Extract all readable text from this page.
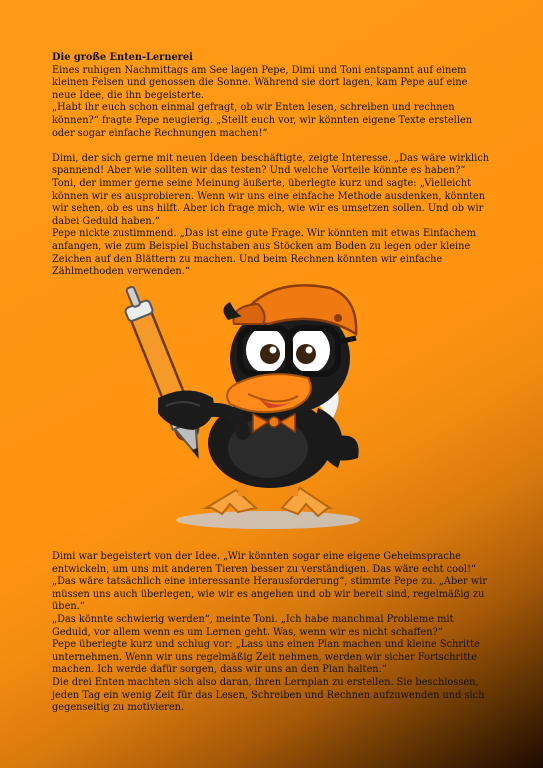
Die große Enten-Lernerei

Eines ruhigen Nachmittags am See lagen Pepe, Dimi und Toni entspannt auf einem kleinen Felsen und genossen die Sonne. Während sie dort lagen, kam Pepe auf eine neue Idee, die ihn begeisterte.

„Habt ihr euch schon einmal gefragt, ob wir Enten lesen, schreiben und rechnen können?“ fragte Pepe neugierig. „Stellt euch vor, wir könnten eigene Texte erstellen oder sogar einfache Rechnungen machen!“

Dimi, der sich gerne mit neuen Ideen beschäftigte, zeigte Interesse. „Das wäre wirklich spannend! Aber wie sollten wir das testen? Und welche Vorteile könnte es haben?“

Toni, der immer gerne seine Meinung äußerte, überlegte kurz und sagte: „Vielleicht können wir es ausprobieren. Wenn wir uns eine einfache Methode ausdenken, könnten wir sehen, ob es uns hilft. Aber ich frage mich, wie wir es umsetzen sollen. Und ob wir dabei Geduld haben.“

Pepe nickte zustimmend. „Das ist eine gute Frage. Wir könnten mit etwas Einfachem anfangen, wie zum Beispiel Buchstaben aus Stöcken am Boden zu legen oder kleine Zeichen auf den Blättern zu machen. Und beim Rechnen könnten wir einfache Zählmethoden verwenden.“

Dimi war begeistert von der Idee. „Wir könnten sogar eine eigene Geheimsprache entwickeln, um uns mit anderen Tieren besser zu verständigen. Das wäre echt cool!“

„Das wäre tatsächlich eine interessante Herausforderung“, stimmte Pepe zu. „Aber wir müssen uns auch überlegen, wie wir es angehen und ob wir bereit sind, regelmäßig zu üben.“

„Das könnte schwierig werden“, meinte Toni. „Ich habe manchmal Probleme mit Geduld, vor allem wenn es um Lernen geht. Was, wenn wir es nicht schaffen?“

Pepe überlegte kurz und schlug vor: „Lass uns einen Plan machen und kleine Schritte unternehmen. Wenn wir uns regelmäßig Zeit nehmen, werden wir sicher Fortschritte machen. Ich werde dafür sorgen, dass wir uns an den Plan halten.“

Die drei Enten machten sich also daran, ihren Lernplan zu erstellen. Sie beschlossen, jeden Tag ein wenig Zeit für das Lesen, Schreiben und Rechnen aufzuwenden und sich gegenseitig zu motivieren.
